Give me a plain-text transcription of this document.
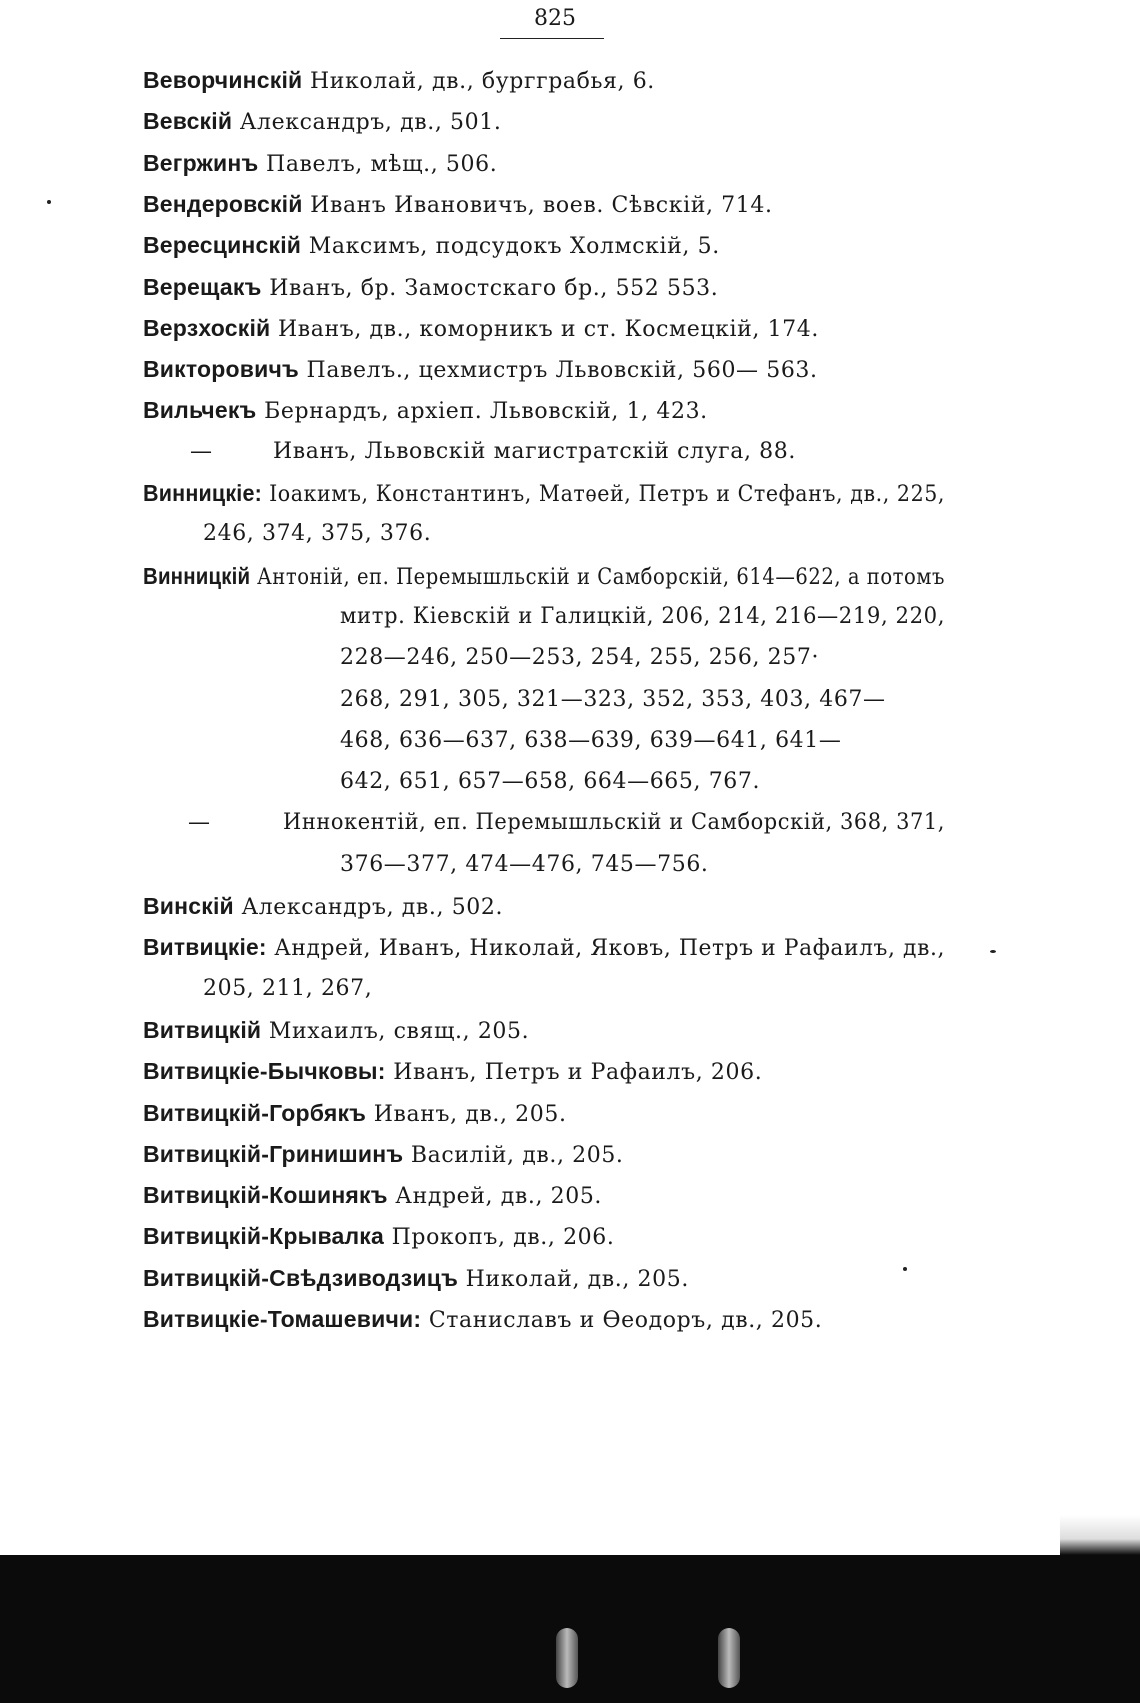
825
Веворчинскій Николай, дв., бургграбья, 6.
Вевскій Александръ, дв., 501.
Вегржинъ Павелъ, мѣщ., 506.
Вендеровскій Иванъ Ивановичъ, воев. Сѣвскій, 714.
Вересцинскій Максимъ, подсудокъ Холмскій, 5.
Верещакъ Иванъ, бр. Замостскаго бр., 552 553.
Верзхоскій Иванъ, дв., коморникъ и ст. Космецкій, 174.
Викторовичъ Павелъ., цехмистръ Львовскій, 560— 563.
Вильчекъ Бернардъ, архіеп. Львовскій, 1, 423.
—	Иванъ, Львовскій магистратскій слуга, 88.
Винницкіе: Іоакимъ, Константинъ, Матѳей, Петръ и Стефанъ, дв., 225,
246, 374, 375, 376.
Винницкій Антоній, еп. Перемышльскій и Самборскій, 614—622, а потомъ
митр. Кіевскій и Галицкій, 206, 214, 216—219, 220,
228—246, 250—253, 254, 255, 256, 257·
268, 291, 305, 321—323, 352, 353, 403, 467—
468, 636—637, 638—639, 639—641, 641—
642, 651, 657—658, 664—665, 767.
—	Иннокентій, еп. Перемышльскій и Самборскій, 368, 371,
376—377, 474—476, 745—756.
Винскій Александръ, дв., 502.
Витвицкіе: Андрей, Иванъ, Николай, Яковъ, Петръ и Рафаилъ, дв.,
205, 211, 267,
Витвицкій Михаилъ, свящ., 205.
Витвицкіе-Бычковы: Иванъ, Петръ и Рафаилъ, 206.
Витвицкій-Горбякъ Иванъ, дв., 205.
Витвицкій-Гринишинъ Василій, дв., 205.
Витвицкій-Кошинякъ Андрей, дв., 205.
Витвицкій-Крывалка Прокопъ, дв., 206.
Витвицкій-Свѣдзиводзицъ Николай, дв., 205.
Витвицкіе-Томашевичи: Станиславъ и Ѳеодоръ, дв., 205.
